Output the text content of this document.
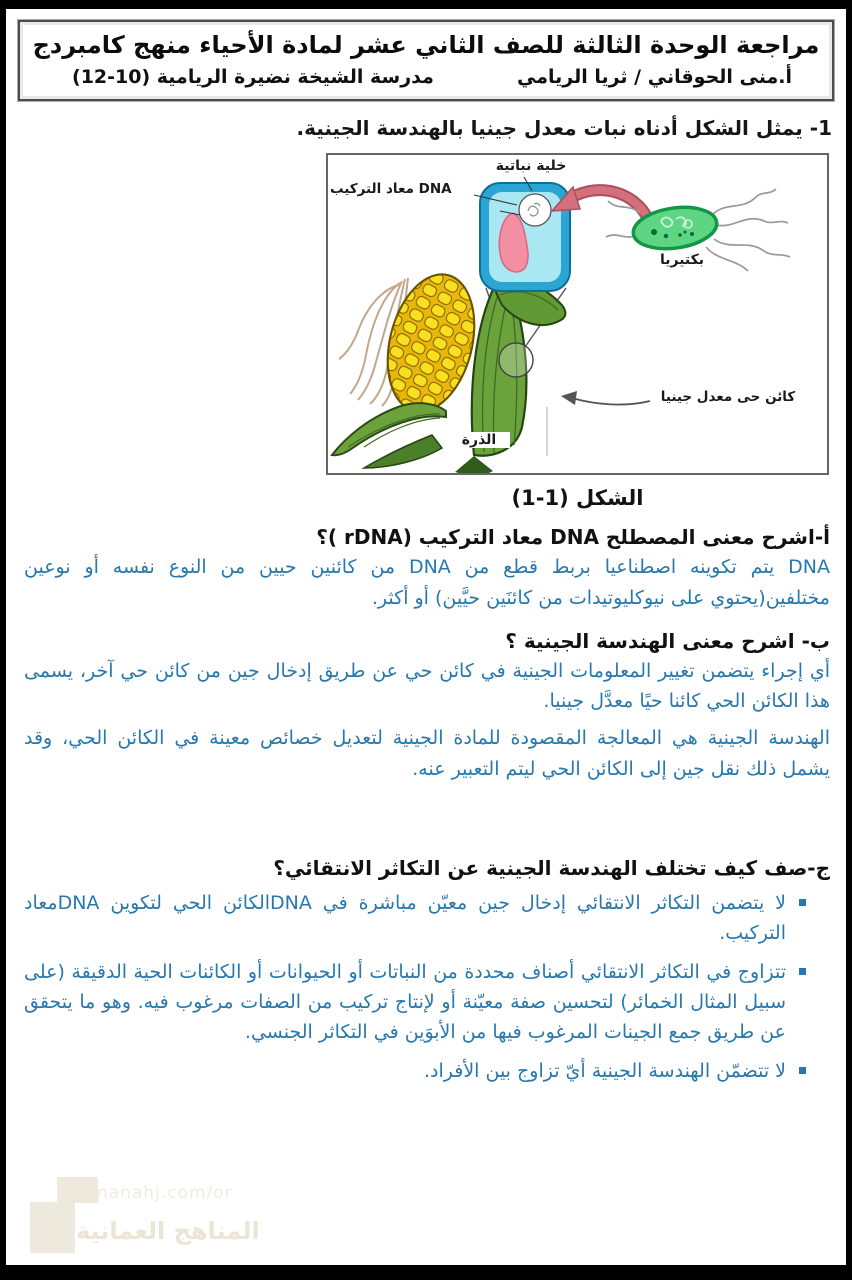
مراجعة الوحدة الثالثة للصف الثاني عشر لمادة الأحياء منهج كامبردج
أ.منى الحوقاني / ثريا الريامي
مدرسة الشيخة نضيرة الريامية (10-12)
1- يمثل الشكل أدناه نبات معدل جينيا بالهندسة الجينية.
خلية نباتية
DNA معاد التركيب
بكتيريا
كائن حى معدل جينيا
الذرة
الشكل (1-1)
أ-اشرح معنى المصطلح DNA معاد التركيب (rDNA )؟
DNA يتم تكوينه اصطناعيا بربط قطع من DNA من كائنين حيين من النوع نفسه أو نوعين مختلفين(يحتوي على نيوكليوتيدات من كائنَين حيَّين) أو أكثر.
ب- اشرح معنى الهندسة الجينية ؟
أي إجراء يتضمن تغيير المعلومات الجينية في كائن حي عن طريق إدخال جين من كائن حي آخر، يسمى هذا الكائن الحي كائنا حيًا معدَّل جينيا.
الهندسة الجينية هي المعالجة المقصودة للمادة الجينية لتعديل خصائص معينة في الكائن الحي، وقد يشمل ذلك نقل جين إلى الكائن الحي ليتم التعبير عنه.
ج-صف كيف تختلف الهندسة الجينية عن التكاثر الانتقائي؟
لا يتضمن التكاثر الانتقائي إدخال جين معيّن مباشرة في DNAالكائن الحي لتكوين DNAمعاد التركيب.
تتزاوج في التكاثر الانتقائي أصناف محددة من النباتات أو الحيوانات أو الكائنات الحية الدقيقة (على سبيل المثال الخمائر) لتحسين صفة معيّنة أو لإنتاج تركيب من الصفات مرغوب فيه. وهو ما يتحقق عن طريق جمع الجينات المرغوب فيها من الأبوَين في التكاثر الجنسي.
لا تتضمّن الهندسة الجينية أيّ تزاوج بين الأفراد.
almanahj.com/or
المناهج العمانية
